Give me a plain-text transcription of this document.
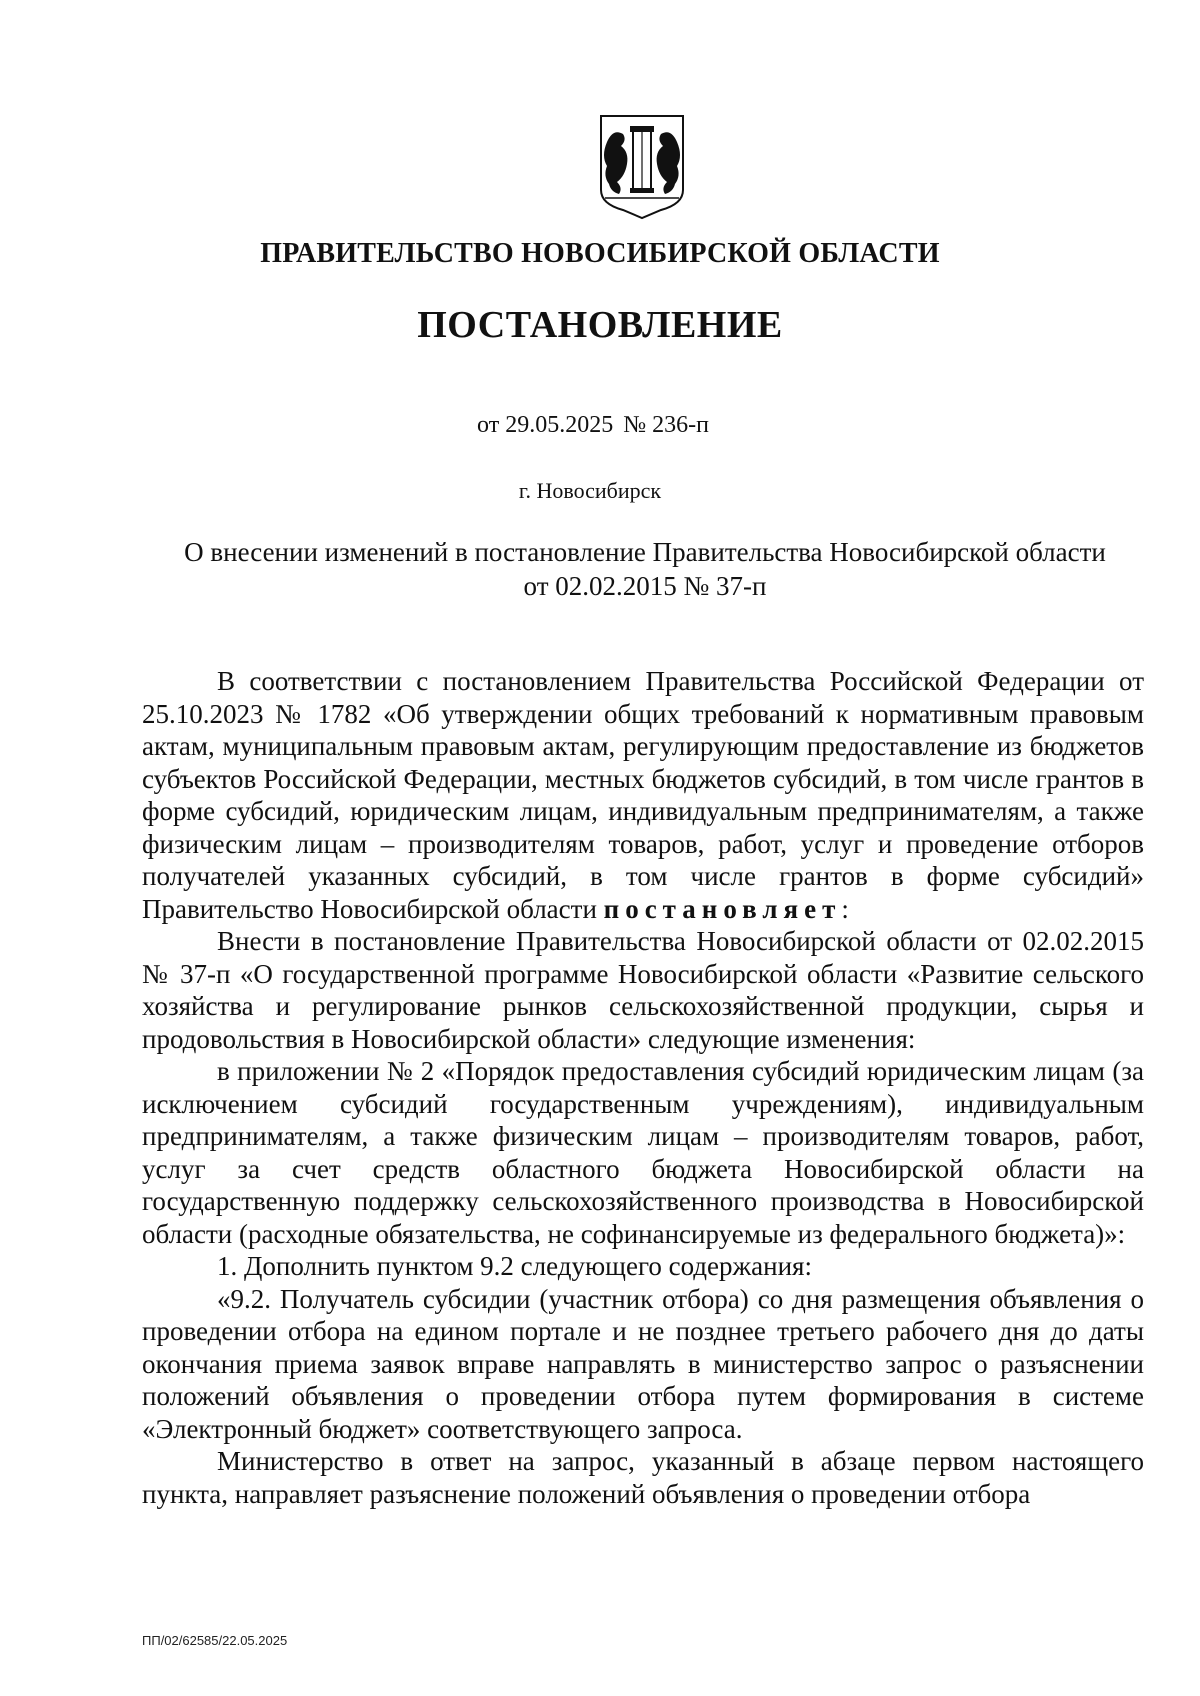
ПРАВИТЕЛЬСТВО НОВОСИБИРСКОЙ ОБЛАСТИ
ПОСТАНОВЛЕНИЕ
от 29.05.2025 № 236-п
г. Новосибирск
О внесении изменений в постановление Правительства Новосибирской области
от 02.02.2015 № 37-п

В соответствии с постановлением Правительства Российской Федерации от 25.10.2023 № 1782 «Об утверждении общих требований к нормативным правовым актам, муниципальным правовым актам, регулирующим предоставление из бюджетов субъектов Российской Федерации, местных бюджетов субсидий, в том числе грантов в форме субсидий, юридическим лицам, индивидуальным предпринимателям, а также физическим лицам – производителям товаров, работ, услуг и проведение отборов получателей указанных субсидий, в том числе грантов в форме субсидий» Правительство Новосибирской области постановляет:

Внести в постановление Правительства Новосибирской области от 02.02.2015 № 37-п «О государственной программе Новосибирской области «Развитие сельского хозяйства и регулирование рынков сельскохозяйственной продукции, сырья и продовольствия в Новосибирской области» следующие изменения:

в приложении № 2 «Порядок предоставления субсидий юридическим лицам (за исключением субсидий государственным учреждениям), индивидуальным предпринимателям, а также физическим лицам – производителям товаров, работ, услуг за счет средств областного бюджета Новосибирской области на государственную поддержку сельскохозяйственного производства в Новосибирской области (расходные обязательства, не софинансируемые из федерального бюджета)»:

1. Дополнить пунктом 9.2 следующего содержания:

«9.2. Получатель субсидии (участник отбора) со дня размещения объявления о проведении отбора на едином портале и не позднее третьего рабочего дня до даты окончания приема заявок вправе направлять в министерство запрос о разъяснении положений объявления о проведении отбора путем формирования в системе «Электронный бюджет» соответствующего запроса.

Министерство в ответ на запрос, указанный в абзаце первом настоящего пункта, направляет разъяснение положений объявления о проведении отбора

ПП/02/62585/22.05.2025
